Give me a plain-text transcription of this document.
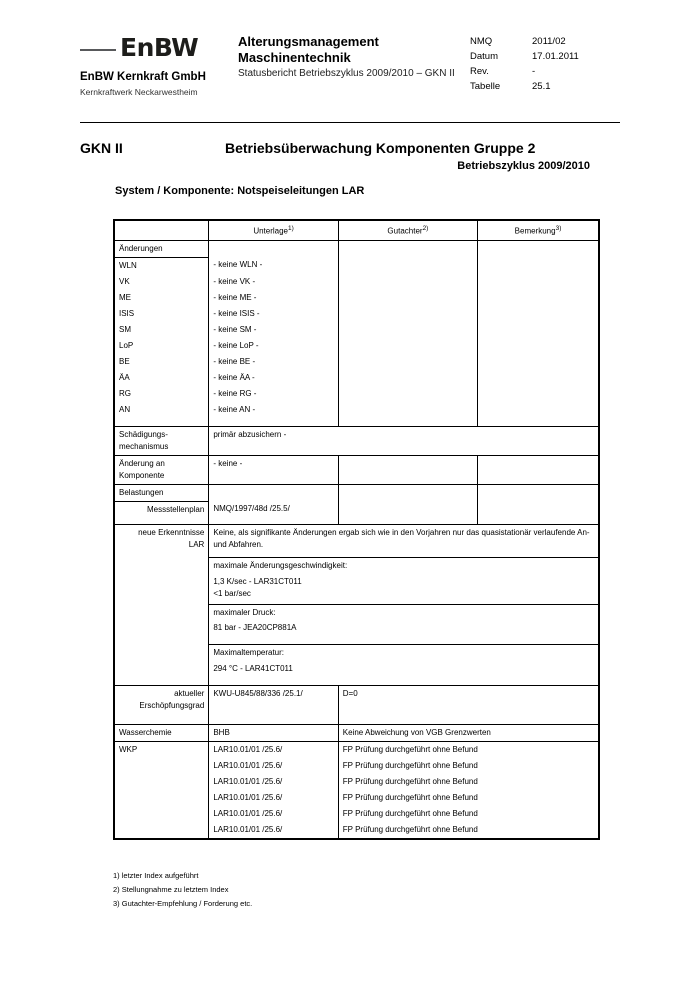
EnBW
EnBW Kernkraft GmbH
Kernkraftwerk Neckarwestheim
Alterungsmanagement
Maschinentechnik
Statusbericht Betriebszyklus 2009/2010 – GKN II
NMQ	2011/02
Datum	17.01.2011
Rev.	-
Tabelle	25.1
GKN II	Betriebsüberwachung Komponenten Gruppe 2
Betriebszyklus 2009/2010
System / Komponente: Notspeiseleitungen LAR
	Unterlage$^{1)}$	Gutachter$^{2)}$	Bemerkung$^{3)}$
Änderungen			
WLN	- keine WLN -		
VK	- keine VK -		
ME	- keine ME -		
ISIS	- keine ISIS -		
SM	- keine SM -		
LoP	- keine LoP -		
BE	- keine BE -		
ÄA	- keine ÄA -		
RG	- keine RG -		
AN	- keine AN -		

Schädigungs-
mechanismus	primär abzusichern -		

Änderung an
Komponente	- keine -		
Belastungen			
Messstellenplan	NMQ/1997/48d /25.5/		

neue Erkenntnisse
LAR	Keine, als signifikante Änderungen ergab sich wie in den Vorjahren nur das quasistationär verlaufende An- und Abfahren.		

	maximale Änderungsgeschwindigkeit:
1,3 K/sec - LAR31CT011
<1 bar/sec		

	maximaler Druck:
81 bar - JEA20CP881A		

	Maximaltemperatur:
294 °C - LAR41CT011		

aktueller
Erschöpfungsgrad	KWU-U845/88/336 /25.1/	D=0	
Wasserchemie	BHB	Keine Abweichung von VGB Grenzwerten	
WKP	LAR10.01/01 /25.6/	FP Prüfung durchgeführt ohne Befund	
	LAR10.01/01 /25.6/	FP Prüfung durchgeführt ohne Befund	
	LAR10.01/01 /25.6/	FP Prüfung durchgeführt ohne Befund	
	LAR10.01/01 /25.6/	FP Prüfung durchgeführt ohne Befund	
	LAR10.01/01 /25.6/	FP Prüfung durchgeführt ohne Befund	
	LAR10.01/01 /25.6/	FP Prüfung durchgeführt ohne Befund	
1) letzter Index aufgeführt
2) Stellungnahme zu letztem Index
3) Gutachter-Empfehlung / Forderung etc.
